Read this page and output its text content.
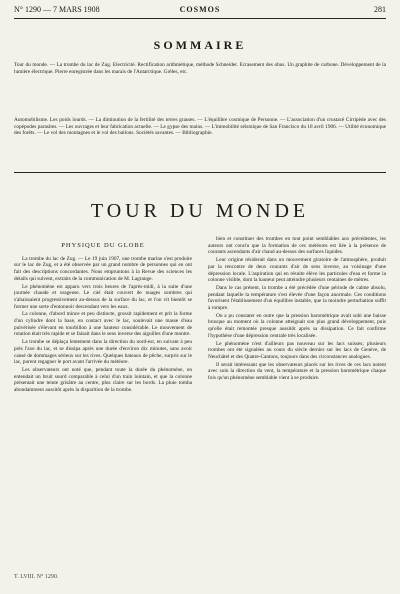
N° 1290 — 7 MARS 1908	COSMOS	281
SOMMAIRE
Tour du monde. — La trombe du lac de Zug. Electricité. Rectification arithmétique, méthode Schneider. Ecrasement des obus. Un graphite de carbone. Développement de la lumière électrique. Pierre enregistrée dans les marais de l'Antarctique. Grêles, etc.
Automobilisme. Les poids lourds. — La diminution de la fertilité des terres grasses. — L'équilibre cosmique de Personne. — L'association d'un crustacé Cirripède avec des copépodes parasites. — Les ouvrages et leur fabrication actuelle. — Le gypse des mains. — L'immobilité séismique de San Francisco du 18 avril 1906. — Utilité économique des forêts. — Le vol des montagnes et le vol des ballons. Sociétés savantes. — Bibliographie.
TOUR DU MONDE
PHYSIQUE DU GLOBE

La trombe du lac de Zug. — Le 19 juin 1907, une trombe marine s'est produite sur le lac de Zug, et a été observée par un grand nombre de personnes qui en ont fait des descriptions concordantes. Nous empruntons à la Revue des sciences les détails qui suivent, extraits de la communication de M. Lagrange.

Le phénomène est apparu vers trois heures de l'après-midi, à la suite d'une journée chaude et orageuse. Le ciel était couvert de nuages sombres qui s'abaissaient progressivement au-dessus de la surface du lac, et l'on vit bientôt se former une sorte d'entonnoir descendant vers les eaux.

La colonne, d'abord mince et peu distincte, grossit rapidement et prit la forme d'un cylindre dont la base, en contact avec le lac, soulevait une masse d'eau pulvérisée s'élevant en tourbillon à une hauteur considérable. Le mouvement de rotation était très rapide et se faisait dans le sens inverse des aiguilles d'une montre.

La trombe se déplaça lentement dans la direction du nord-est, en suivant à peu près l'axe du lac, et se dissipa après une durée d'environ dix minutes, sans avoir causé de dommages sérieux sur les rives. Quelques bateaux de pêche, surpris sur le lac, purent regagner le port avant l'arrivée du météore.

Les observateurs ont noté que, pendant toute la durée du phénomène, on entendait un bruit sourd comparable à celui d'un train lointain, et que la colonne présentait une teinte grisâtre au centre, plus claire sur les bords. La pluie tomba abondamment aussitôt après la disparition de la trombe.

bien et constituer des trombes en tout point semblables aux précédentes, les auteurs ont conclu que la formation de ces météores est liée à la présence de courants ascendants d'air chaud au-dessus des surfaces liquides.

Leur origine résiderait dans un mouvement giratoire de l'atmosphère, produit par la rencontre de deux courants d'air de sens inverse, au voisinage d'une dépression locale. L'aspiration qui en résulte élève les particules d'eau et forme la colonne visible, dont la hauteur peut atteindre plusieurs centaines de mètres.

Dans le cas présent, la trombe a été précédée d'une période de calme absolu, pendant laquelle la température s'est élevée d'une façon anormale. Ces conditions favorisent l'établissement d'un équilibre instable, que la moindre perturbation suffit à rompre.

On a pu constater en outre que la pression barométrique avait subi une baisse brusque au moment où la colonne atteignait son plus grand développement, puis qu'elle était remontée presque aussitôt après sa dissipation. Ce fait confirme l'hypothèse d'une dépression centrale très localisée.

Le phénomène n'est d'ailleurs pas nouveau sur les lacs suisses; plusieurs trombes ont été signalées au cours du siècle dernier sur les lacs de Genève, de Neuchâtel et des Quatre-Cantons, toujours dans des circonstances analogues.

Il serait intéressant que les observateurs placés sur les rives de ces lacs notent avec soin la direction du vent, la température et la pression barométrique chaque fois qu'un phénomène semblable vient à se produire.

T. LVIII. N° 1290.
